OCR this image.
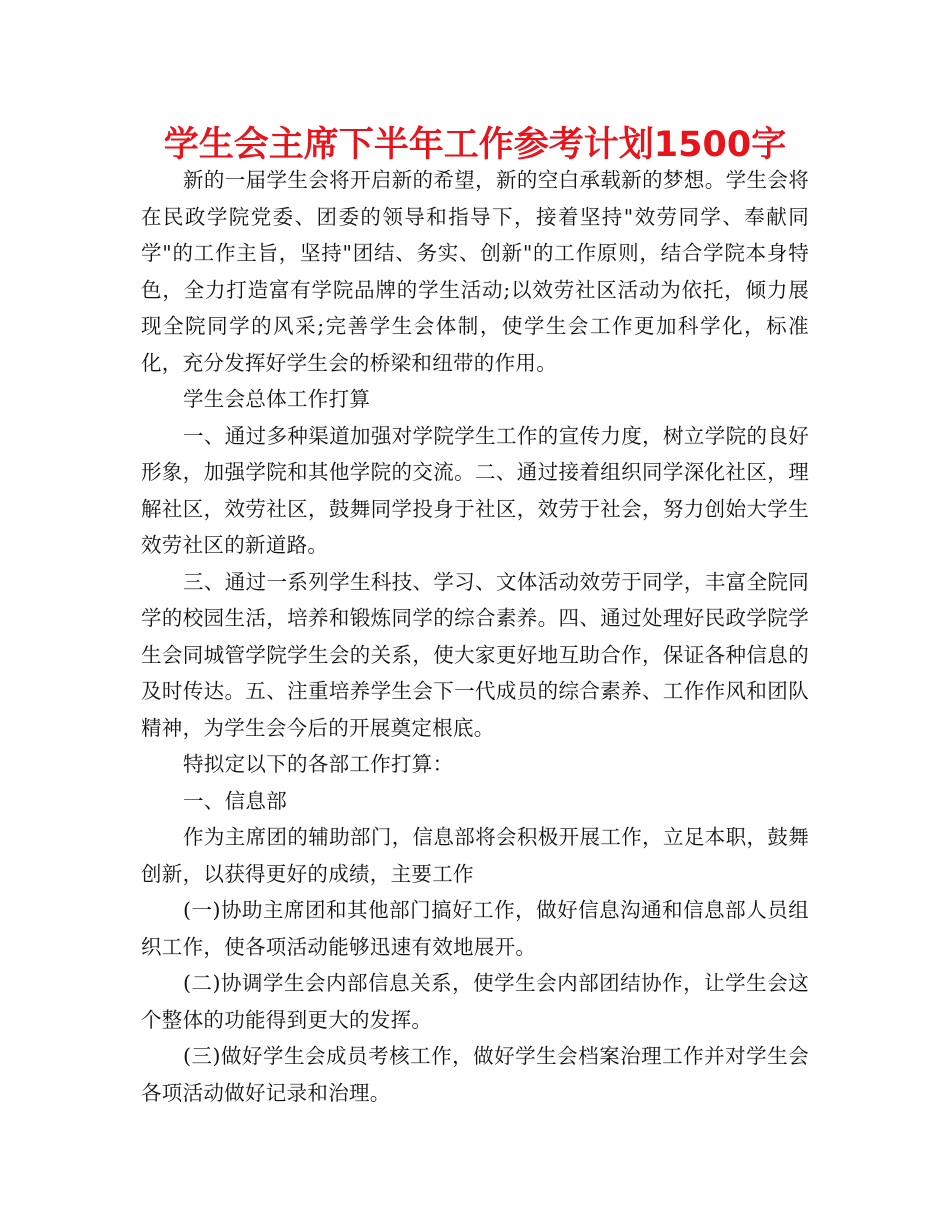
学生会主席下半年工作参考计划1500字

新的一届学生会将开启新的希望，新的空白承载新的梦想。学生会将在民政学院党委、团委的领导和指导下，接着坚持"效劳同学、奉献同学"的工作主旨，坚持"团结、务实、创新"的工作原则，结合学院本身特色，全力打造富有学院品牌的学生活动;以效劳社区活动为依托，倾力展现全院同学的风采;完善学生会体制，使学生会工作更加科学化，标准化，充分发挥好学生会的桥梁和纽带的作用。

学生会总体工作打算

一、通过多种渠道加强对学院学生工作的宣传力度，树立学院的良好形象，加强学院和其他学院的交流。二、通过接着组织同学深化社区，理解社区，效劳社区，鼓舞同学投身于社区，效劳于社会，努力创始大学生效劳社区的新道路。

三、通过一系列学生科技、学习、文体活动效劳于同学，丰富全院同学的校园生活，培养和锻炼同学的综合素养。四、通过处理好民政学院学生会同城管学院学生会的关系，使大家更好地互助合作，保证各种信息的及时传达。五、注重培养学生会下一代成员的综合素养、工作作风和团队精神，为学生会今后的开展奠定根底。

特拟定以下的各部工作打算：

一、信息部

作为主席团的辅助部门，信息部将会积极开展工作，立足本职，鼓舞创新，以获得更好的成绩，主要工作

(一)协助主席团和其他部门搞好工作，做好信息沟通和信息部人员组织工作，使各项活动能够迅速有效地展开。

(二)协调学生会内部信息关系，使学生会内部团结协作，让学生会这个整体的功能得到更大的发挥。

(三)做好学生会成员考核工作，做好学生会档案治理工作并对学生会各项活动做好记录和治理。
